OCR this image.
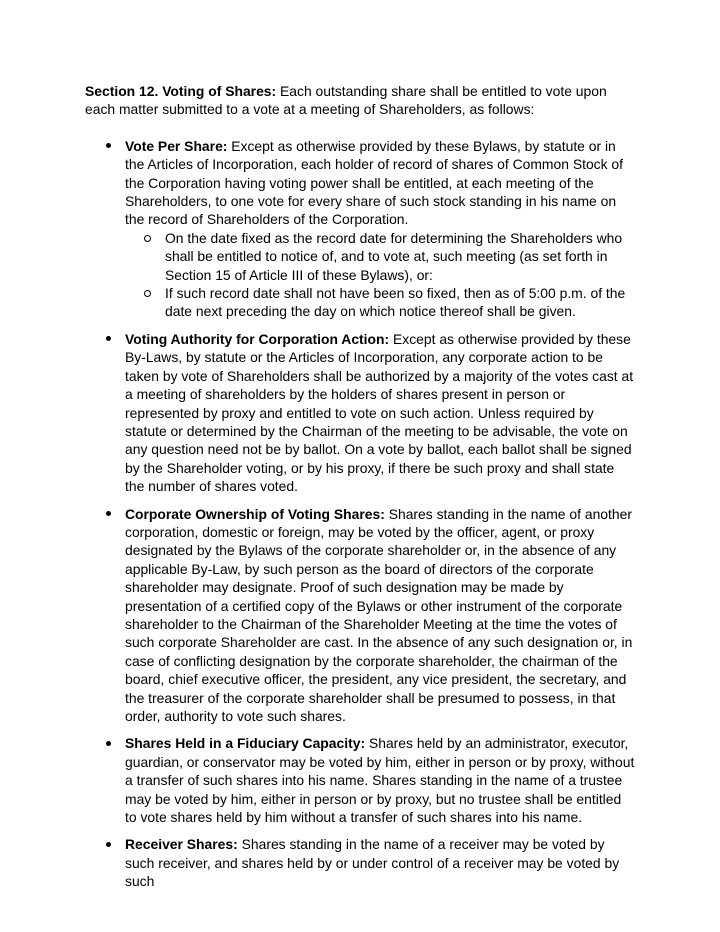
Section 12. Voting of Shares: Each outstanding share shall be entitled to vote upon each matter submitted to a vote at a meeting of Shareholders, as follows:

Vote Per Share: Except as otherwise provided by these Bylaws, by statute or in the Articles of Incorporation, each holder of record of shares of Common Stock of the Corporation having voting power shall be entitled, at each meeting of the Shareholders, to one vote for every share of such stock standing in his name on the record of Shareholders of the Corporation.
On the date fixed as the record date for determining the Shareholders who shall be entitled to notice of, and to vote at, such meeting (as set forth in Section 15 of Article III of these Bylaws), or:
If such record date shall not have been so fixed, then as of 5:00 p.m. of the date next preceding the day on which notice thereof shall be given.
Voting Authority for Corporation Action: Except as otherwise provided by these By-Laws, by statute or the Articles of Incorporation, any corporate action to be taken by vote of Shareholders shall be authorized by a majority of the votes cast at a meeting of shareholders by the holders of shares present in person or represented by proxy and entitled to vote on such action. Unless required by statute or determined by the Chairman of the meeting to be advisable, the vote on any question need not be by ballot. On a vote by ballot, each ballot shall be signed by the Shareholder voting, or by his proxy, if there be such proxy and shall state the number of shares voted.
Corporate Ownership of Voting Shares: Shares standing in the name of another corporation, domestic or foreign, may be voted by the officer, agent, or proxy designated by the Bylaws of the corporate shareholder or, in the absence of any applicable By-Law, by such person as the board of directors of the corporate shareholder may designate. Proof of such designation may be made by presentation of a certified copy of the Bylaws or other instrument of the corporate shareholder to the Chairman of the Shareholder Meeting at the time the votes of such corporate Shareholder are cast. In the absence of any such designation or, in case of conflicting designation by the corporate shareholder, the chairman of the board, chief executive officer, the president, any vice president, the secretary, and the treasurer of the corporate shareholder shall be presumed to possess, in that order, authority to vote such shares.
Shares Held in a Fiduciary Capacity: Shares held by an administrator, executor, guardian, or conservator may be voted by him, either in person or by proxy, without a transfer of such shares into his name. Shares standing in the name of a trustee may be voted by him, either in person or by proxy, but no trustee shall be entitled to vote shares held by him without a transfer of such shares into his name.
Receiver Shares: Shares standing in the name of a receiver may be voted by such receiver, and shares held by or under control of a receiver may be voted by such
